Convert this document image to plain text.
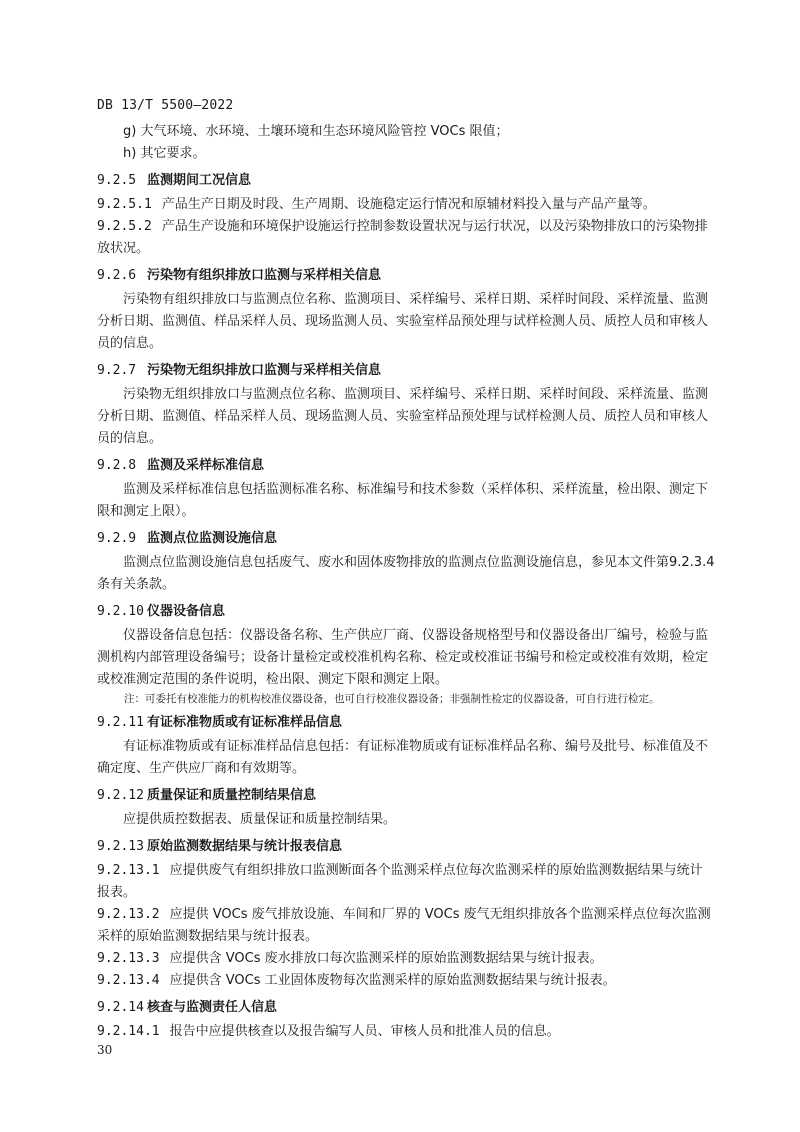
DB 13/T 5500—2022

g) 大气环境、水环境、土壤环境和生态环境风险管控 VOCs 限值；

h) 其它要求。

9.2.5 监测期间工况信息

9.2.5.1 产品生产日期及时段、生产周期、设施稳定运行情况和原辅材料投入量与产品产量等。

9.2.5.2 产品生产设施和环境保护设施运行控制参数设置状况与运行状况，以及污染物排放口的污染物排放状况。

9.2.6 污染物有组织排放口监测与采样相关信息

污染物有组织排放口与监测点位名称、监测项目、采样编号、采样日期、采样时间段、采样流量、监测分析日期、监测值、样品采样人员、现场监测人员、实验室样品预处理与试样检测人员、质控人员和审核人员的信息。

9.2.7 污染物无组织排放口监测与采样相关信息

污染物无组织排放口与监测点位名称、监测项目、采样编号、采样日期、采样时间段、采样流量、监测分析日期、监测值、样品采样人员、现场监测人员、实验室样品预处理与试样检测人员、质控人员和审核人员的信息。

9.2.8 监测及采样标准信息

监测及采样标准信息包括监测标准名称、标准编号和技术参数（采样体积、采样流量，检出限、测定下限和测定上限）。

9.2.9 监测点位监测设施信息

监测点位监测设施信息包括废气、废水和固体废物排放的监测点位监测设施信息，参见本文件第9.2.3.4条有关条款。

9.2.10 仪器设备信息

仪器设备信息包括：仪器设备名称、生产供应厂商、仪器设备规格型号和仪器设备出厂编号，检验与监测机构内部管理设备编号；设备计量检定或校准机构名称、检定或校准证书编号和检定或校准有效期，检定或校准测定范围的条件说明，检出限、测定下限和测定上限。

注： 可委托有校准能力的机构校准仪器设备，也可自行校准仪器设备；非强制性检定的仪器设备，可自行进行检定。
9.2.11 有证标准物质或有证标准样品信息

有证标准物质或有证标准样品信息包括：有证标准物质或有证标准样品名称、编号及批号、标准值及不确定度、生产供应厂商和有效期等。

9.2.12 质量保证和质量控制结果信息

应提供质控数据表、质量保证和质量控制结果。

9.2.13 原始监测数据结果与统计报表信息

9.2.13.1 应提供废气有组织排放口监测断面各个监测采样点位每次监测采样的原始监测数据结果与统计报表。

9.2.13.2 应提供 VOCs 废气排放设施、车间和厂界的 VOCs 废气无组织排放各个监测采样点位每次监测采样的原始监测数据结果与统计报表。

9.2.13.3 应提供含 VOCs 废水排放口每次监测采样的原始监测数据结果与统计报表。

9.2.13.4 应提供含 VOCs 工业固体废物每次监测采样的原始监测数据结果与统计报表。

9.2.14 核查与监测责任人信息

9.2.14.1 报告中应提供核查以及报告编写人员、审核人员和批准人员的信息。

30
